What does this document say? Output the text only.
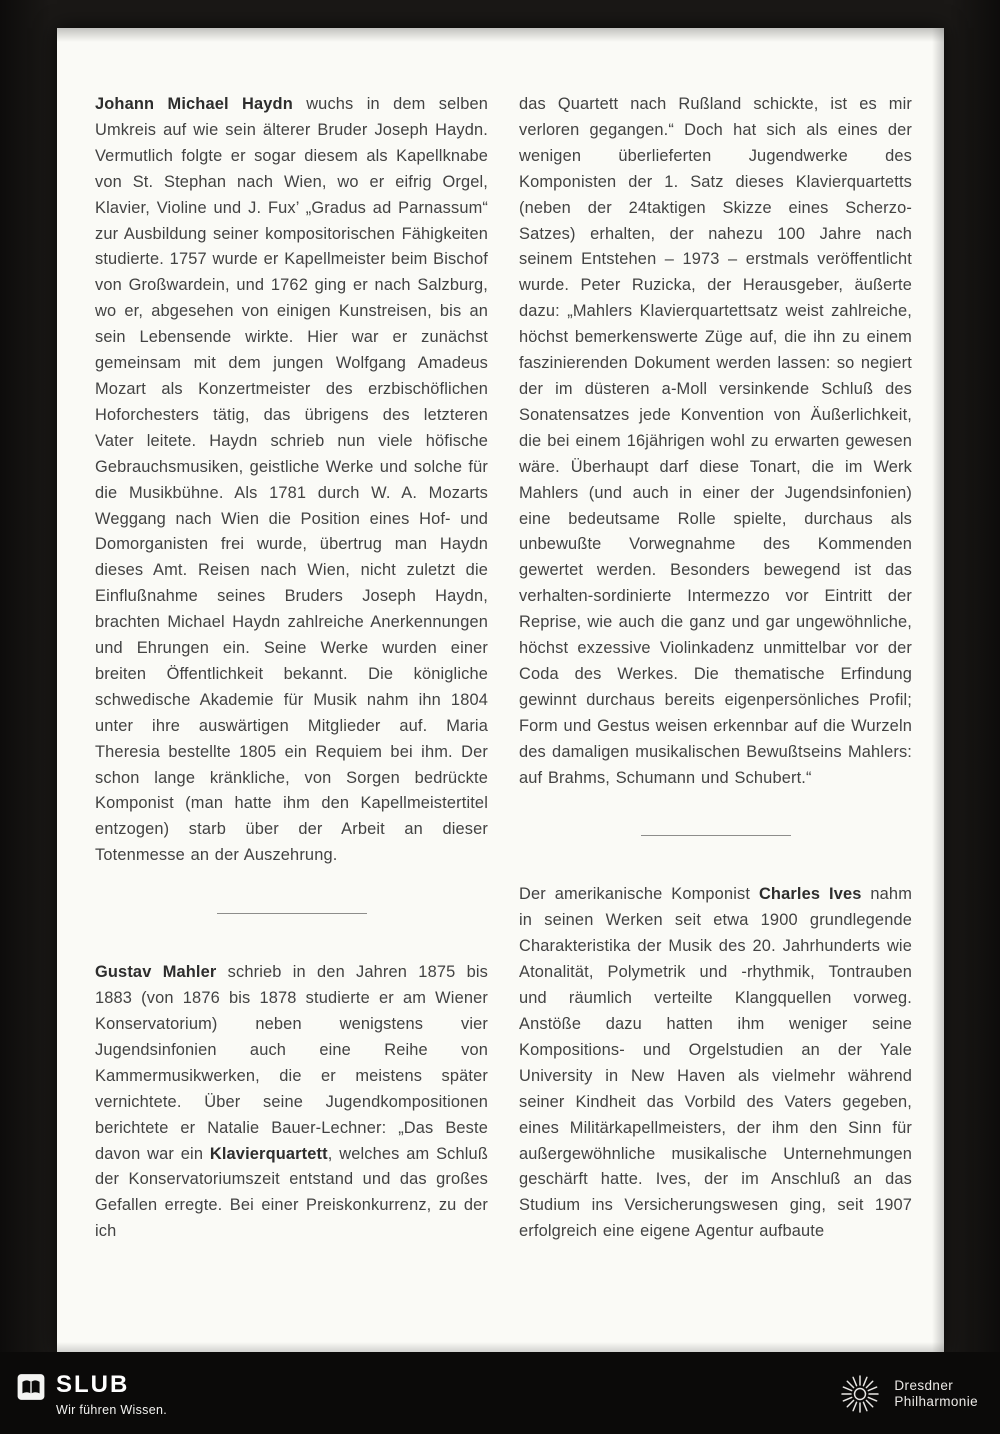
Johann Michael Haydn wuchs in dem selben Umkreis auf wie sein älterer Bruder Joseph Haydn. Vermutlich folgte er sogar diesem als Kapellknabe von St. Stephan nach Wien, wo er eifrig Orgel, Klavier, Violine und J. Fux’ „Gradus ad Parnassum“ zur Ausbildung seiner kompositorischen Fähigkeiten studierte. 1757 wurde er Kapellmeister beim Bischof von Großwardein, und 1762 ging er nach Salzburg, wo er, abgesehen von einigen Kunstreisen, bis an sein Lebensende wirkte. Hier war er zunächst gemeinsam mit dem jungen Wolfgang Amadeus Mozart als Konzertmeister des erzbischöflichen Hoforchesters tätig, das übrigens des letzteren Vater leitete. Haydn schrieb nun viele höfische Gebrauchsmusiken, geistliche Werke und solche für die Musikbühne. Als 1781 durch W. A. Mozarts Weggang nach Wien die Position eines Hof- und Domorganisten frei wurde, übertrug man Haydn dieses Amt. Reisen nach Wien, nicht zuletzt die Einflußnahme seines Bruders Joseph Haydn, brachten Michael Haydn zahlreiche Anerkennungen und Ehrungen ein. Seine Werke wurden einer breiten Öffentlichkeit bekannt. Die königliche schwedische Akademie für Musik nahm ihn 1804 unter ihre auswärtigen Mitglieder auf. Maria Theresia bestellte 1805 ein Requiem bei ihm. Der schon lange kränkliche, von Sorgen bedrückte Komponist (man hatte ihm den Kapellmeistertitel entzogen) starb über der Arbeit an dieser Totenmesse an der Auszehrung.

Gustav Mahler schrieb in den Jahren 1875 bis 1883 (von 1876 bis 1878 studierte er am Wiener Konservatorium) neben wenigstens vier Jugendsinfonien auch eine Reihe von Kammermusikwerken, die er meistens später vernichtete. Über seine Jugendkompositionen berichtete er Natalie Bauer-Lechner: „Das Beste davon war ein Klavierquartett, welches am Schluß der Konservatoriumszeit entstand und das großes Gefallen erregte. Bei einer Preiskonkurrenz, zu der ich

das Quartett nach Rußland schickte, ist es mir verloren gegangen.“ Doch hat sich als eines der wenigen überlieferten Jugendwerke des Komponisten der 1. Satz dieses Klavierquartetts (neben der 24taktigen Skizze eines Scherzo-Satzes) erhalten, der nahezu 100 Jahre nach seinem Entstehen – 1973 – erstmals veröffentlicht wurde. Peter Ruzicka, der Herausgeber, äußerte dazu: „Mahlers Klavierquartettsatz weist zahlreiche, höchst bemerkenswerte Züge auf, die ihn zu einem faszinierenden Dokument werden lassen: so negiert der im düsteren a-Moll versinkende Schluß des Sonatensatzes jede Konvention von Äußerlichkeit, die bei einem 16jährigen wohl zu erwarten gewesen wäre. Überhaupt darf diese Tonart, die im Werk Mahlers (und auch in einer der Jugendsinfonien) eine bedeutsame Rolle spielte, durchaus als unbewußte Vorwegnahme des Kommenden gewertet werden. Besonders bewegend ist das verhalten-sordinierte Intermezzo vor Eintritt der Reprise, wie auch die ganz und gar ungewöhnliche, höchst exzessive Violinkadenz unmittelbar vor der Coda des Werkes. Die thematische Erfindung gewinnt durchaus bereits eigenpersönliches Profil; Form und Gestus weisen erkennbar auf die Wurzeln des damaligen musikalischen Bewußtseins Mahlers: auf Brahms, Schumann und Schubert.“

Der amerikanische Komponist Charles Ives nahm in seinen Werken seit etwa 1900 grundlegende Charakteristika der Musik des 20. Jahrhunderts wie Atonalität, Polymetrik und -rhythmik, Tontrauben und räumlich verteilte Klangquellen vorweg. Anstöße dazu hatten ihm weniger seine Kompositions- und Orgelstudien an der Yale University in New Haven als vielmehr während seiner Kindheit das Vorbild des Vaters gegeben, eines Militärkapellmeisters, der ihm den Sinn für außergewöhnliche musikalische Unternehmungen geschärft hatte. Ives, der im Anschluß an das Studium ins Versicherungswesen ging, seit 1907 erfolgreich eine eigene Agentur aufbaute

SLUB
Wir führen Wissen.
Dresdner
Philharmonie
